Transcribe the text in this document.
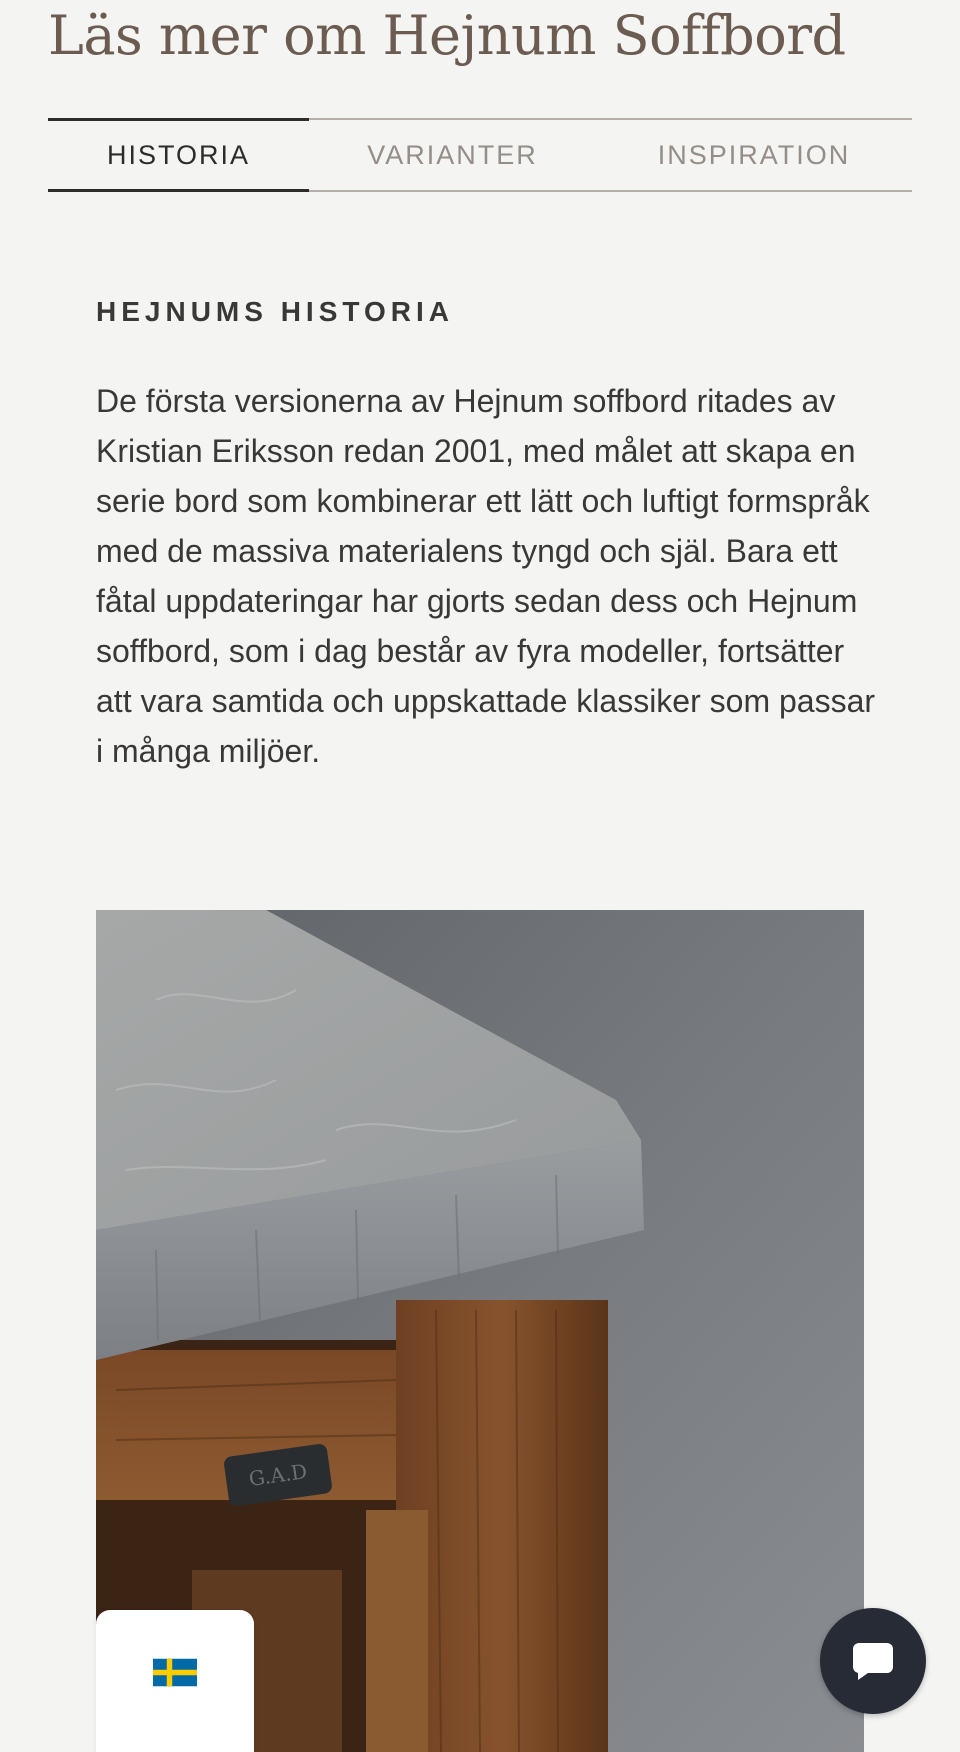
Läs mer om Hejnum Soffbord
HISTORIA	VARIANTER	INSPIRATION
HEJNUMS HISTORIA

De första versionerna av Hejnum soffbord ritades av Kristian Eriksson redan 2001, med målet att skapa en serie bord som kombinerar ett lätt och luftigt formspråk med de massiva materialens tyngd och själ. Bara ett fåtal uppdateringar har gjorts sedan dess och Hejnum soffbord, som i dag består av fyra modeller, fortsätter att vara samtida och uppskattade klassiker som passar i många miljöer.

G.A.D
